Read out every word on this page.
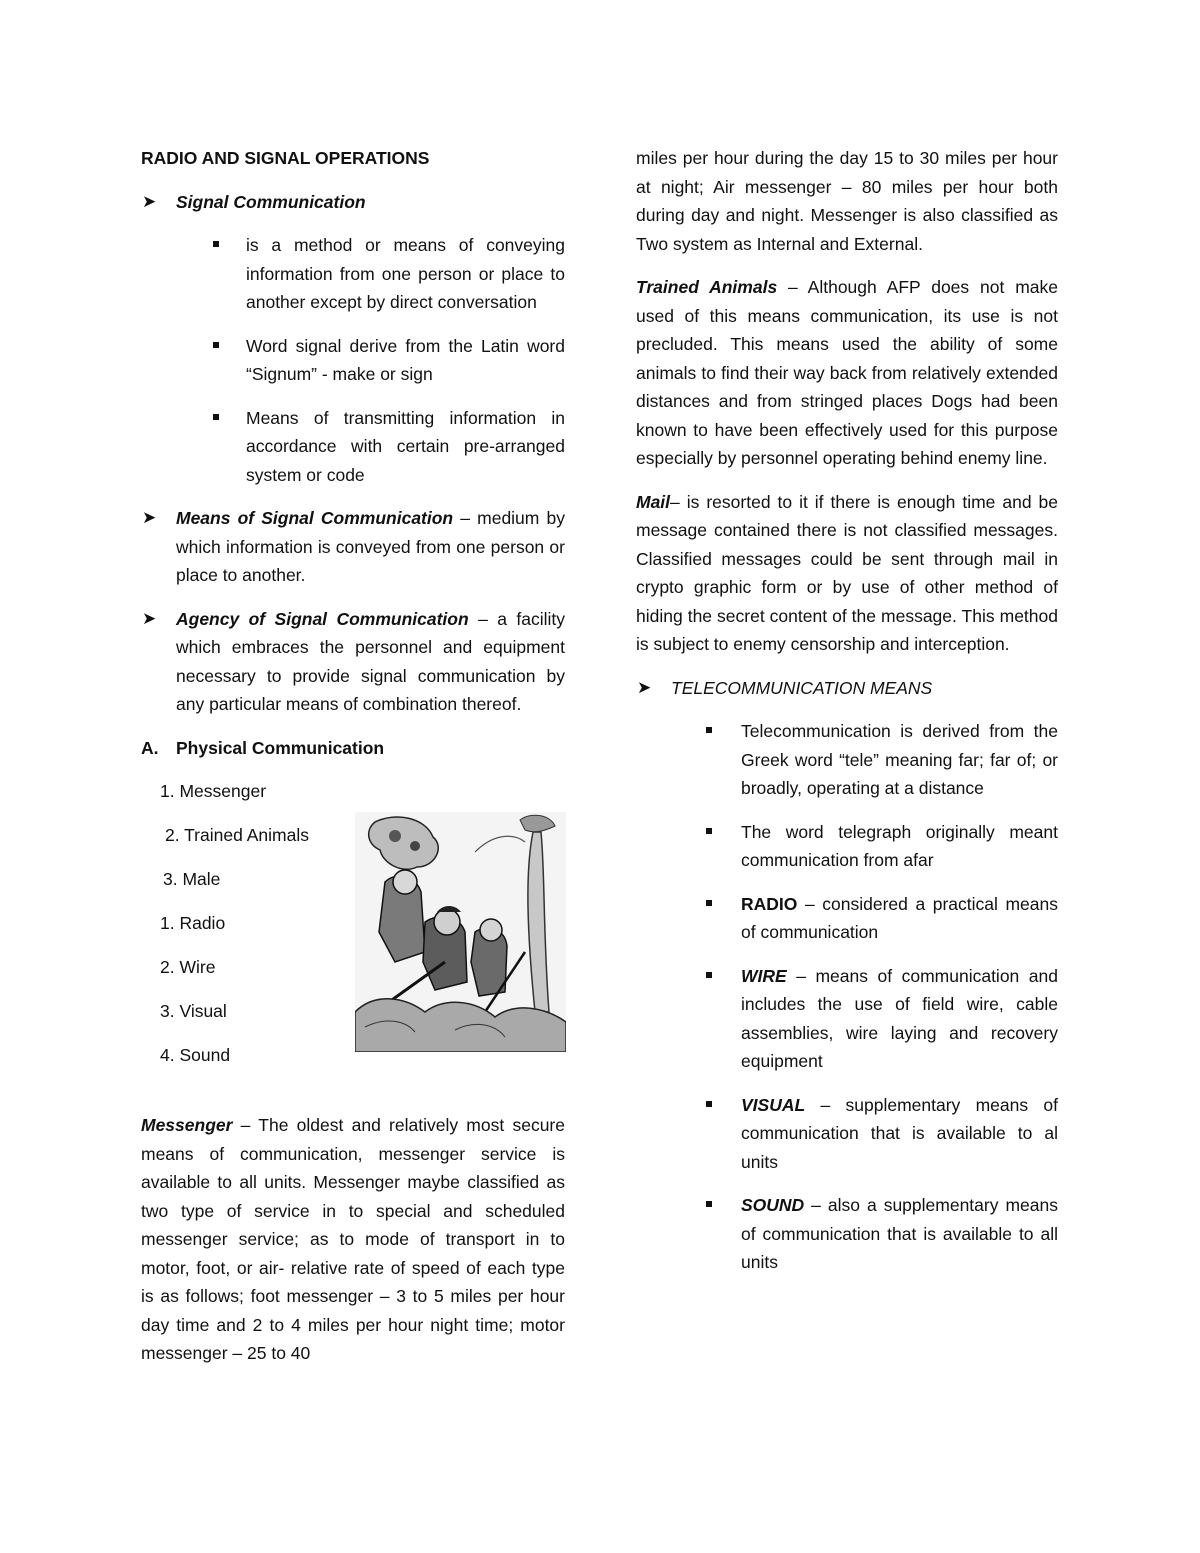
RADIO AND SIGNAL OPERATIONS

➤ Signal Communication
is a method or means of conveying information from one person or place to another except by direct conversation
Word signal derive from the Latin word “Signum” - make or sign
Means of transmitting information in accordance with certain pre-arranged system or code
➤ Means of Signal Communication – medium by which information is conveyed from one person or place to another.
➤ Agency of Signal Communication – a facility which embraces the personnel and equipment necessary to provide signal communication by any particular means of combination thereof.

A. Physical Communication

1. Messenger
2. Trained Animals
3. Male
1. Radio
2. Wire
3. Visual
4. Sound

Messenger – The oldest and relatively most secure means of communication, messenger service is available to all units. Messenger maybe classified as two type of service in to special and scheduled messenger service; as to mode of transport in to motor, foot, or air- relative rate of speed of each type is as follows; foot messenger – 3 to 5 miles per hour day time and 2 to 4 miles per hour night time; motor messenger – 25 to 40

miles per hour during the day 15 to 30 miles per hour at night; Air messenger – 80 miles per hour both during day and night. Messenger is also classified as Two system as Internal and External.

Trained Animals – Although AFP does not make used of this means communication, its use is not precluded. This means used the ability of some animals to find their way back from relatively extended distances and from stringed places Dogs had been known to have been effectively used for this purpose especially by personnel operating behind enemy line.

Mail– is resorted to it if there is enough time and be message contained there is not classified messages. Classified messages could be sent through mail in crypto graphic form or by use of other method of hiding the secret content of the message. This method is subject to enemy censorship and interception.

➤ TELECOMMUNICATION MEANS
Telecommunication is derived from the Greek word “tele” meaning far; far of; or broadly, operating at a distance
The word telegraph originally meant communication from afar
RADIO – considered a practical means of communication
WIRE – means of communication and includes the use of field wire, cable assemblies, wire laying and recovery equipment
VISUAL – supplementary means of communication that is available to al units
SOUND – also a supplementary means of communication that is available to all units
